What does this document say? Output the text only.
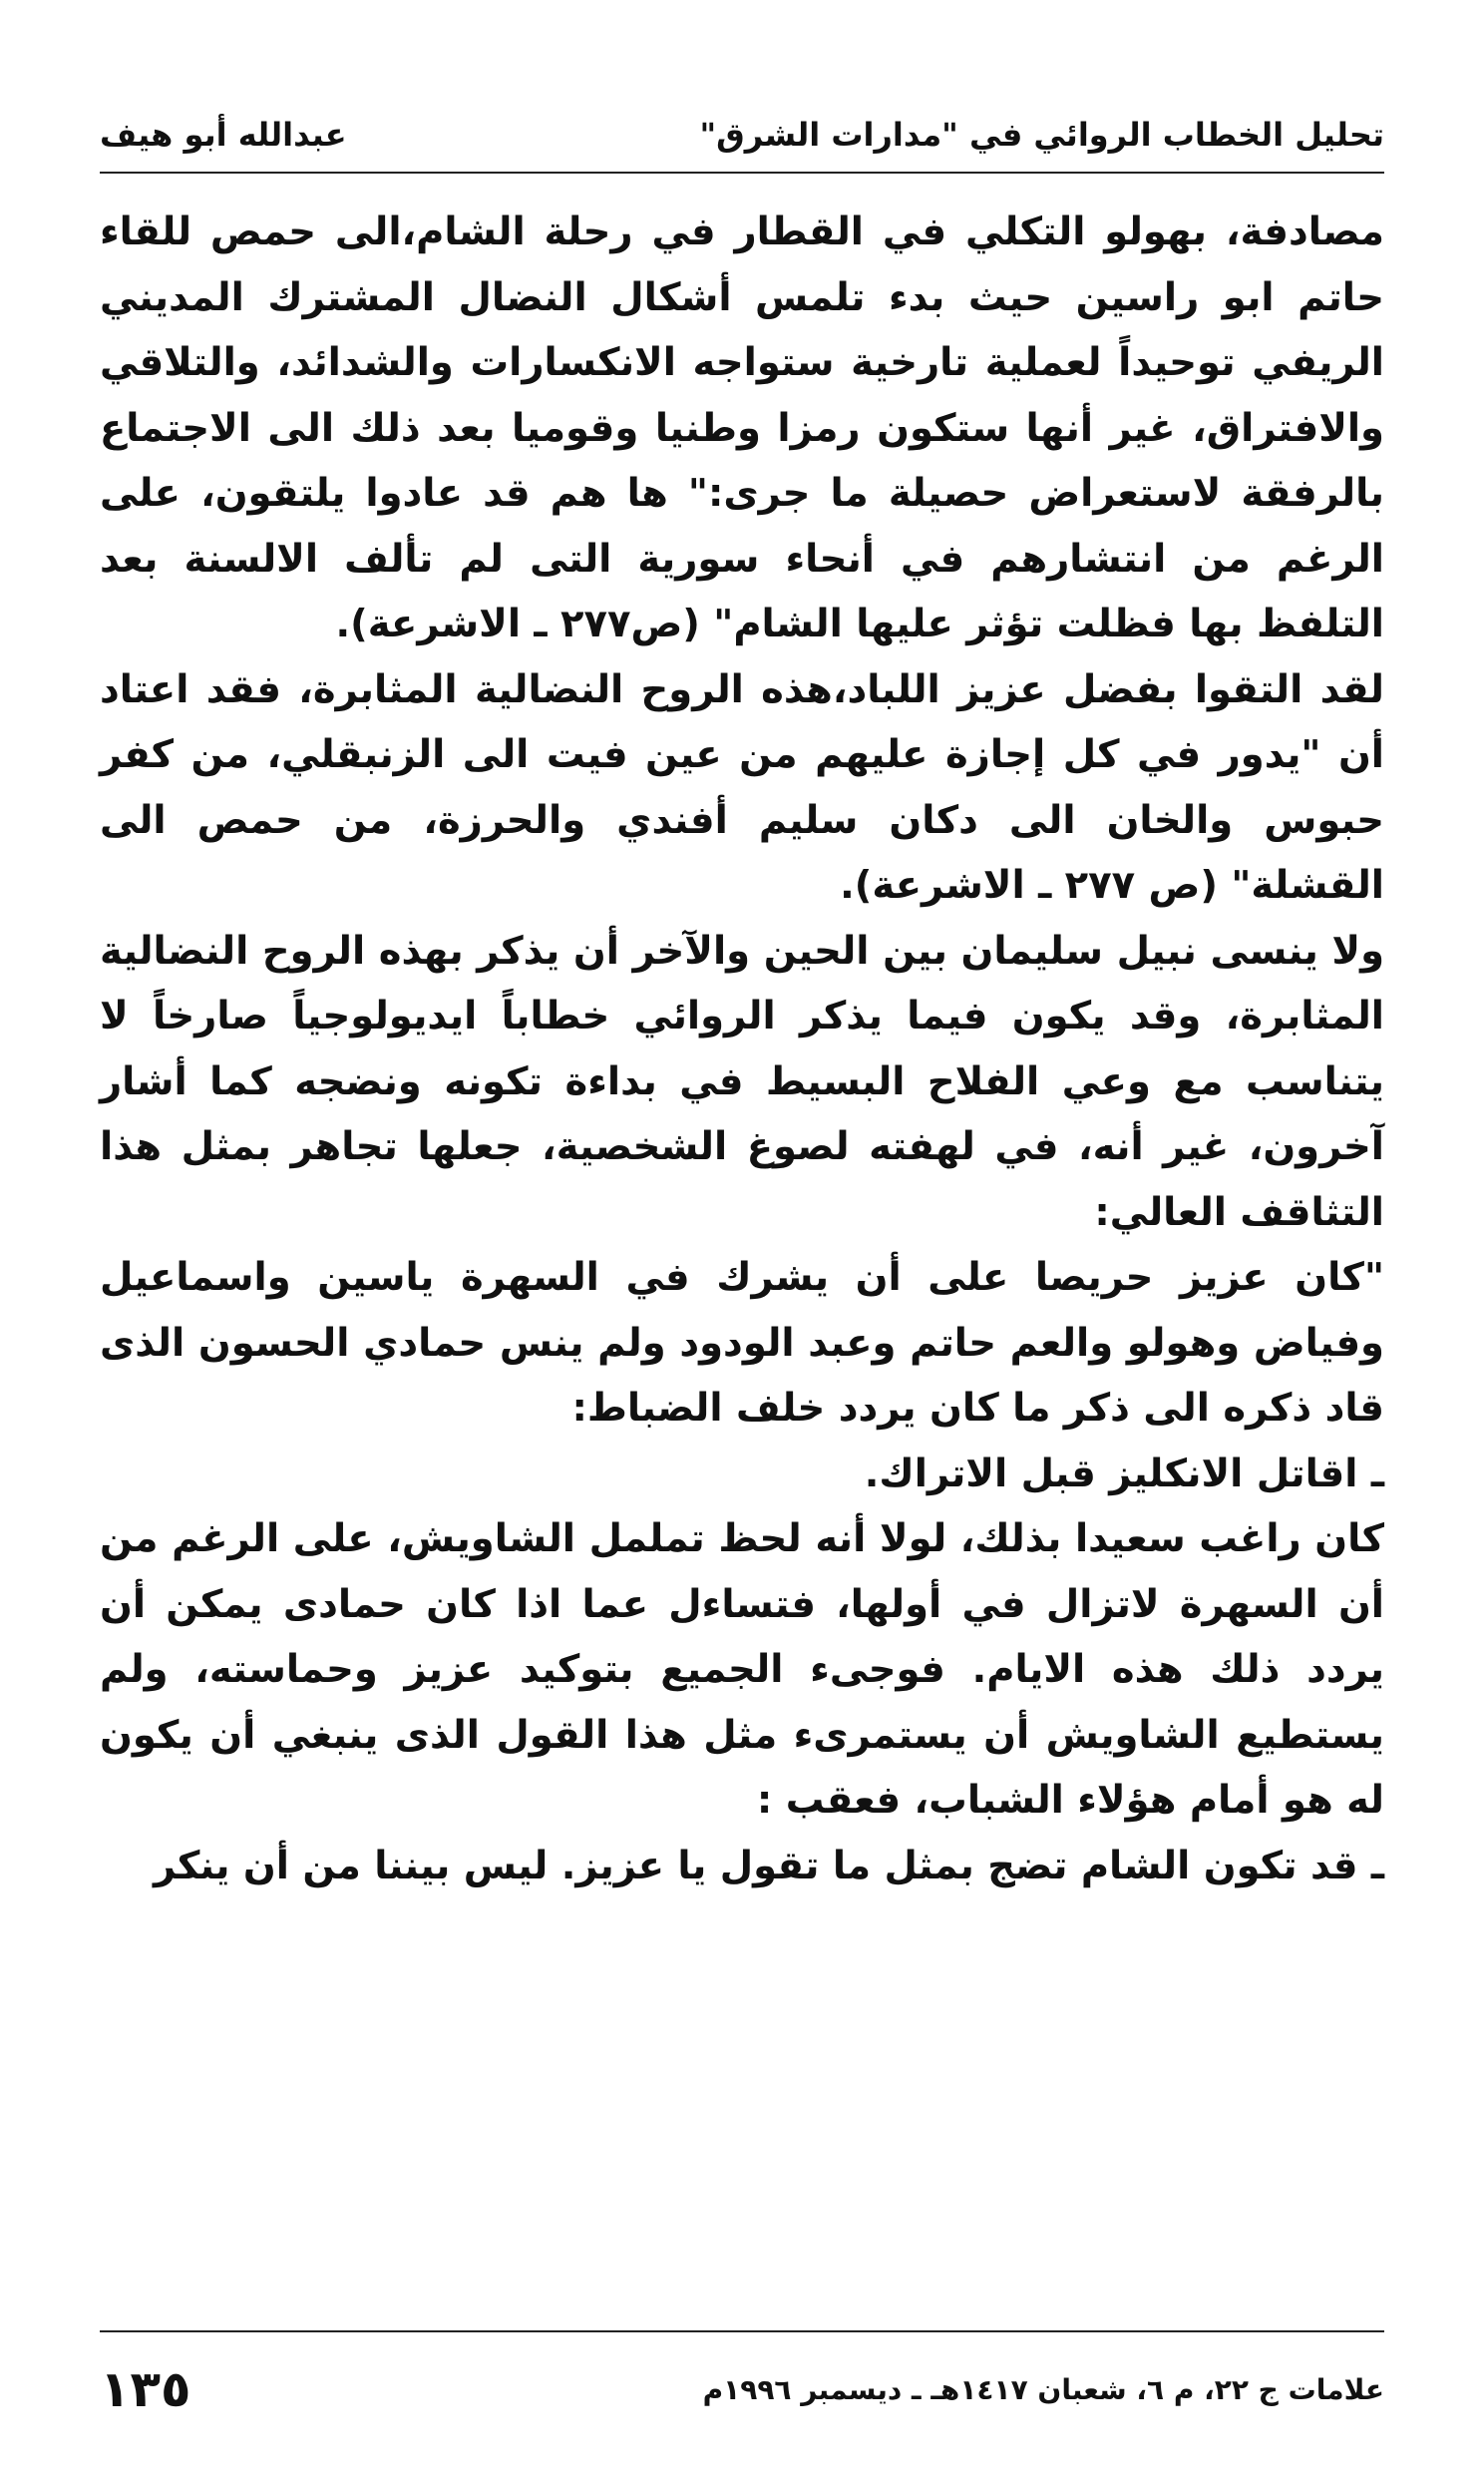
تحليل الخطاب الروائي في "مدارات الشرق"
عبدالله أبو هيف

مصادفة، بهولو التكلي في القطار في رحلة الشام،الى حمص للقاء حاتم ابو راسين حيث بدء تلمس أشكال النضال المشترك المديني الريفي توحيداً لعملية تارخية ستواجه الانكسارات والشدائد، والتلاقي والافتراق، غير أنها ستكون رمزا وطنيا وقوميا بعد ذلك الى الاجتماع بالرفقة لاستعراض حصيلة ما جرى:" ها هم قد عادوا يلتقون، على الرغم من انتشارهم في أنحاء سورية التى لم تألف الالسنة بعد التلفظ بها فظلت تؤثر عليها الشام" (ص٢٧٧ ـ الاشرعة).

لقد التقوا بفضل عزيز اللباد،هذه الروح النضالية المثابرة، فقد اعتاد أن "يدور في كل إجازة عليهم من عين فيت الى الزنبقلي، من كفر حبوس والخان الى دكان سليم أفندي والحرزة، من حمص الى القشلة" (ص ٢٧٧ ـ الاشرعة).

ولا ينسى نبيل سليمان بين الحين والآخر أن يذكر بهذه الروح النضالية المثابرة، وقد يكون فيما يذكر الروائي خطاباً ايديولوجياً صارخاً لا يتناسب مع وعي الفلاح البسيط في بداءة تكونه ونضجه كما أشار آخرون، غير أنه، في لهفته لصوغ الشخصية، جعلها تجاهر بمثل هذا التثاقف العالي:

"كان عزيز حريصا على أن يشرك في السهرة ياسين واسماعيل وفياض وهولو والعم حاتم وعبد الودود ولم ينس حمادي الحسون الذى قاد ذكره الى ذكر ما كان يردد خلف الضباط:

ـ اقاتل الانكليز قبل الاتراك.

كان راغب سعيدا بذلك، لولا أنه لحظ تململ الشاويش، على الرغم من أن السهرة لاتزال في أولها، فتساءل عما اذا كان حمادى يمكن أن يردد ذلك هذه الايام. فوجىء الجميع بتوكيد عزيز وحماسته، ولم يستطيع الشاويش أن يستمرىء مثل هذا القول الذى ينبغي أن يكون له هو أمام هؤلاء الشباب، فعقب :

ـ قد تكون الشام تضج بمثل ما تقول يا عزيز. ليس بيننا من أن ينكر

علامات ج ٢٢، م ٦، شعبان ١٤١٧هـ ـ ديسمبر ١٩٩٦م
١٣٥
